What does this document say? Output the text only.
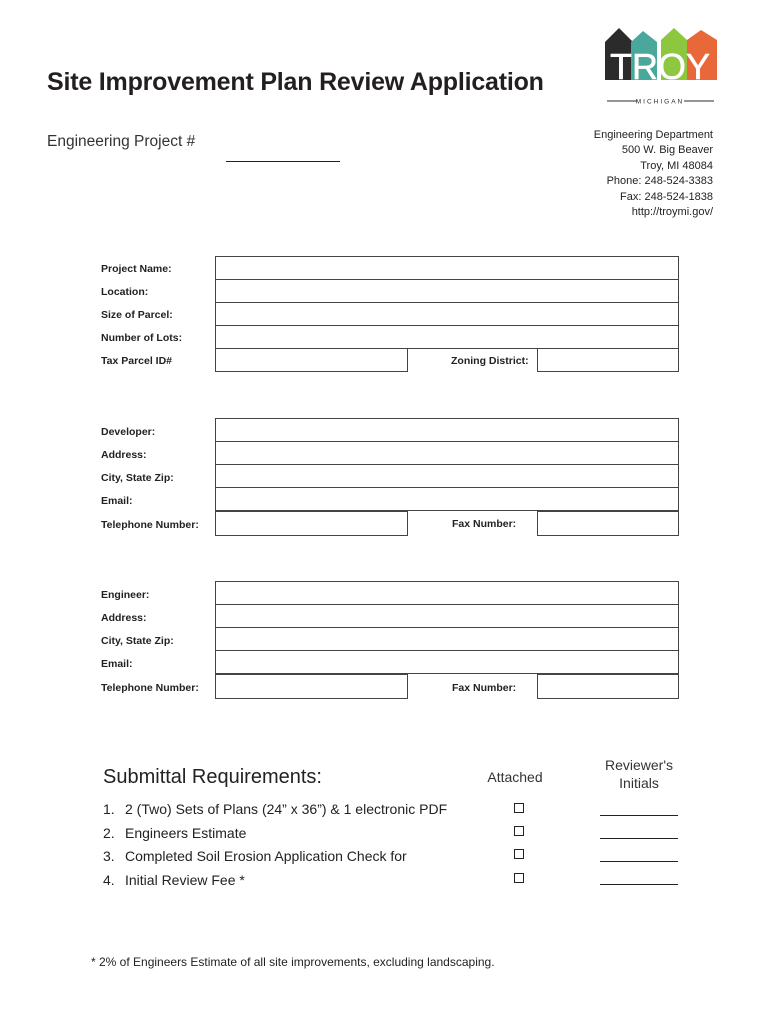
Site Improvement Plan Review Application
Engineering Project #
TROY
MICHIGAN
Engineering Department
500 W. Big Beaver
Troy, MI 48084
Phone: 248-524-3383
Fax: 248-524-1838
http://troymi.gov/
Project Name:
Location:
Size of Parcel:
Number of Lots:
Tax Parcel ID#	Zoning District:
Developer:
Address:
City, State Zip:
Email:
Telephone Number:	Fax Number:
Engineer:
Address:
City, State Zip:
Email:
Telephone Number:	Fax Number:
Submittal Requirements:	Attached
Reviewer's
Initials
1. 2 (Two) Sets of Plans (24” x 36”) & 1 electronic PDF
2. Engineers Estimate
3. Completed Soil Erosion Application Check for
4. Initial Review Fee *
* 2% of Engineers Estimate of all site improvements, excluding landscaping.
